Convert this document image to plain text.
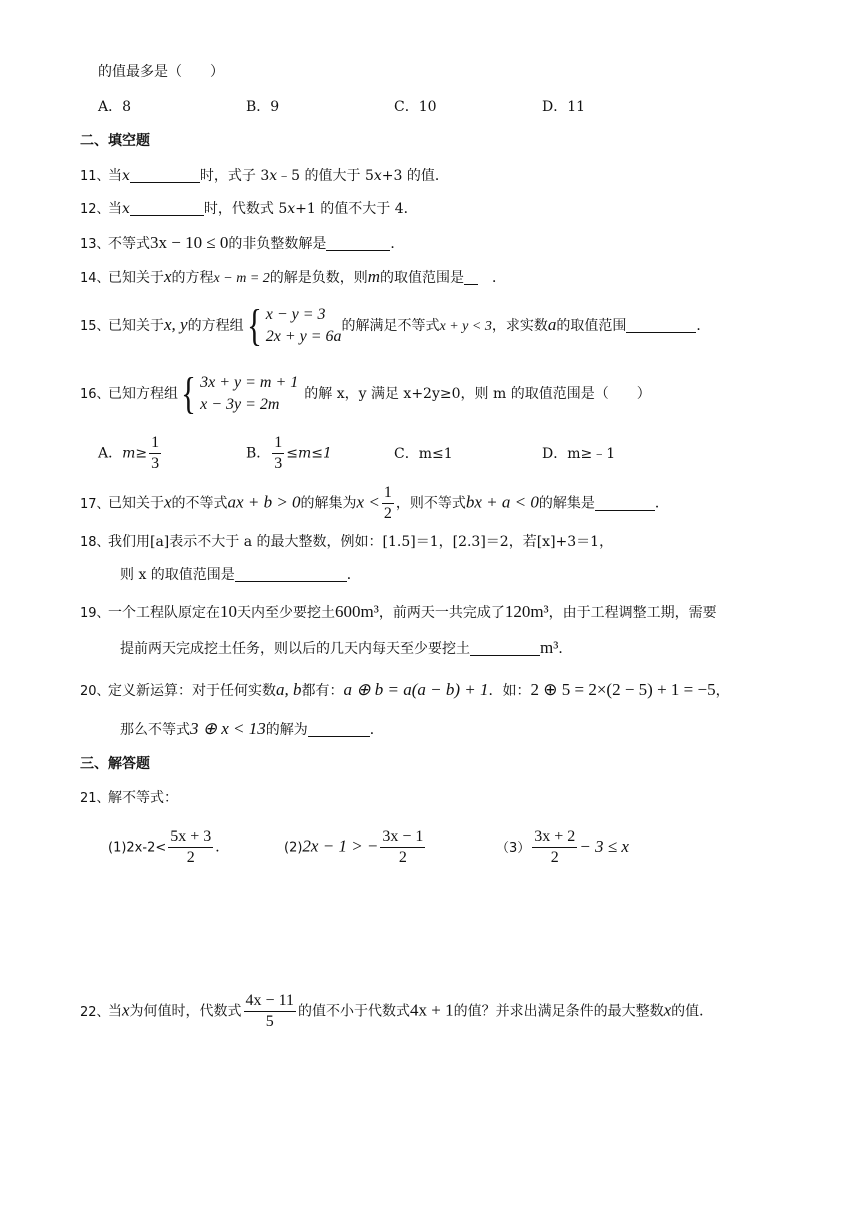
的值最多是（　　）
A．8	B．9	C．10	D．11
二、填空题
11、当x	时，式子 3x﹣5 的值大于 5x+3 的值．
12、当x	时，代数式 5x+1 的值不大于 4．
13、不等式3x − 10 ≤ 0的非负整数解是	．
14、已知关于x的方程x − m = 2的解是负数，则m的取值范围是 ．
15、已知关于x, y的方程组 { x − y = 3
2x + y = 6a
的解满足不等式x + y < 3，求实数a的取值范围	．
16、已知方程组 { 3x + y = m + 1
x − 3y = 2m
的解 x，y 满足 x+2y≥0，则 m 的取值范围是（　　）
A．$m\ge \frac{1}{3}$	B． $\frac{1}{3} \le m\le 1$	C．m≤1	D．m≥﹣1
17、已知关于x的不等式ax + b > 0的解集为$x < \frac{1}{2}$ ，则不等式bx + a < 0的解集是	．
18、我们用[a]表示不大于 a 的最大整数，例如：[1.5]＝1，[2.3]＝2，若[x]+3＝1，
则 x 的取值范围是	．
19、一个工程队原定在10天内至少要挖土600m³，前两天一共完成了120m³，由于工程调整工期，需要
提前两天完成挖土任务，则以后的几天内每天至少要挖土	m³．
20、定义新运算：对于任何实数a, b都有：a ⊕ b = a(a − b) + 1．如：2 ⊕ 5 = 2×(2 − 5) + 1 = −5，
那么不等式3 ⊕ x < 13的解为	．
三、解答题
21、解不等式：
$(1)2x-2< \frac{5x + 3}{2}$ ．	(2)2x − 1 > − $\frac{3x - 1}{2}$	$(3) \frac{3x + 2}{2} - 3 \le x$
22、当x为何值时，代数式 $\frac{4x - 11}{5}$ 的值不小于代数式4x + 1的值？并求出满足条件的最大整数x的值．
